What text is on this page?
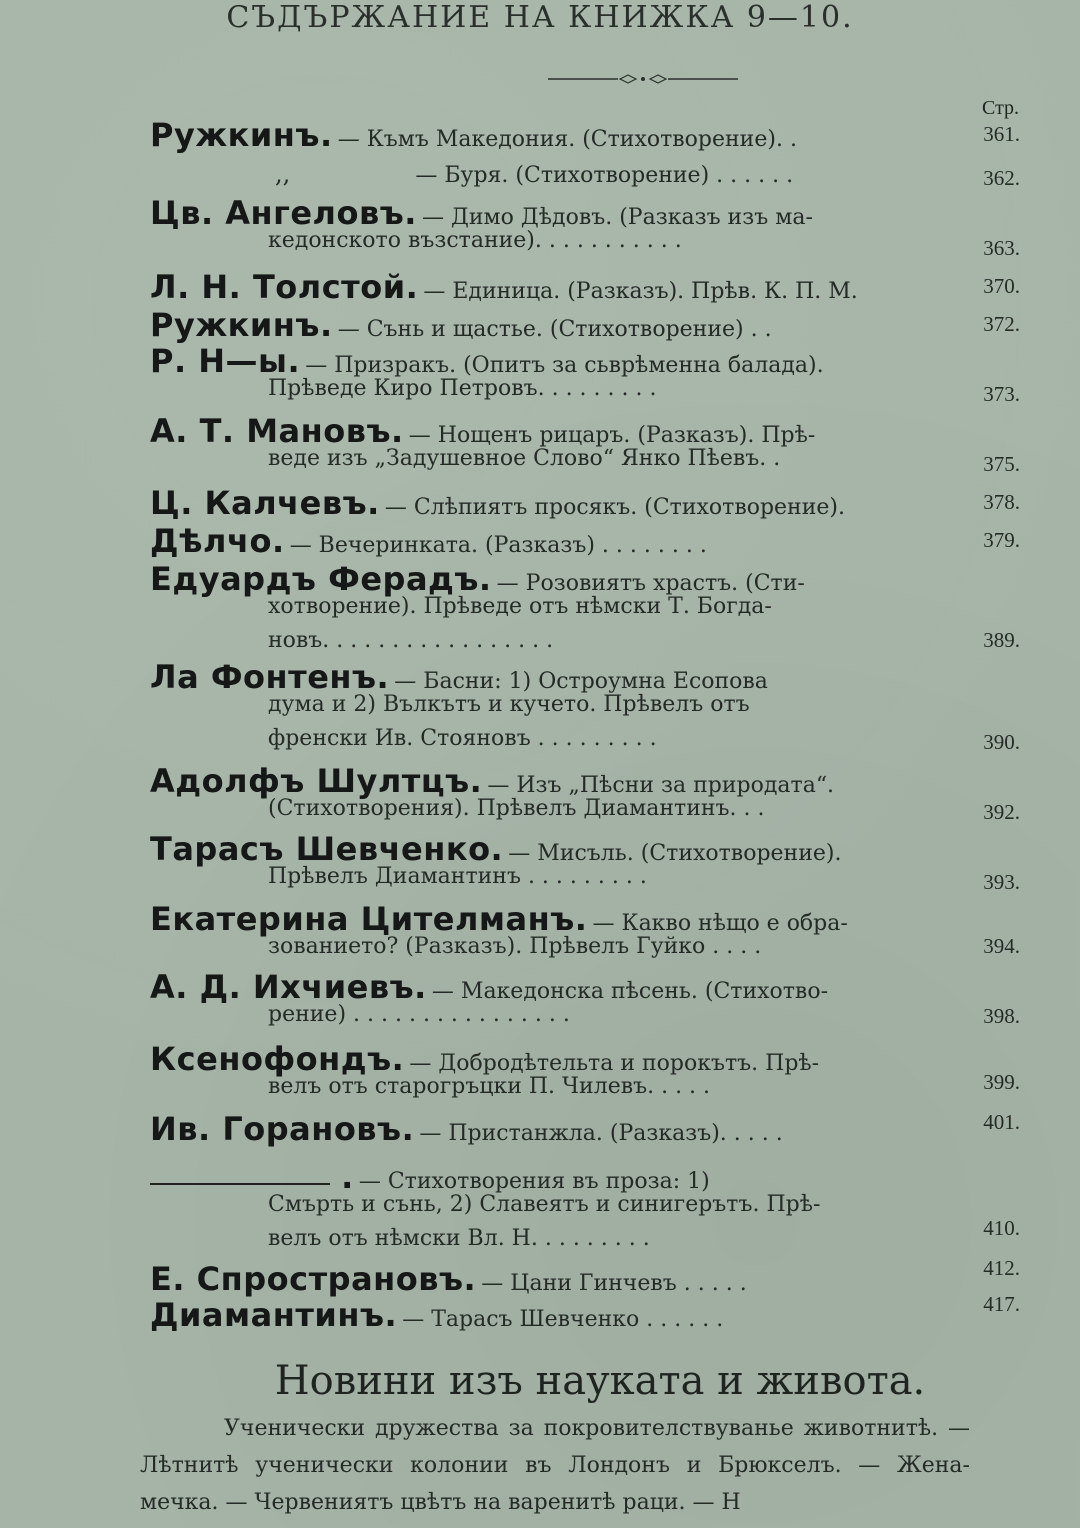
СЪДЪРЖАНИЕ НА КНИЖКА 9—10.
Стр.
Ружкинъ. — Къмъ Македония. (Стихотворение). .	361.
,,	— Буря. (Стихотворение) . . . . . .	362.
Цв. Ангеловъ. — Димо Дѣдовъ. (Разказъ изъ ма-
кедонското възстание). . . . . . . . . . .	363.
Л. Н. Толстой. — Единица. (Разказъ). Прѣв. К. П. М.	370.
Ружкинъ. — Сънь и щастье. (Стихотворение) . .	372.
Р. Н—ы. — Призракъ. (Опитъ за сьврѣменна балада).
Прѣведе Киро Петровъ. . . . . . . . .	373.
А. Т. Мановъ. — Нощенъ рицаръ. (Разказъ). Прѣ-
веде изъ „Задушевное Слово“ Янко Пѣевъ. .	375.
Ц. Калчевъ. — Слѣпиятъ просякъ. (Стихотворение).	378.
Дѣлчо. — Вечеринката. (Разказъ) . . . . . . . .	379.
Едуардъ Ферадъ. — Розовиятъ храстъ. (Сти-
хотворение). Прѣведе отъ нѣмски Т. Богда-
новъ. . . . . . . . . . . . . . . . .	389.
Ла Фонтенъ. — Басни: 1) Остроумна Есопова
дума и 2) Вълкътъ и кучето. Прѣвелъ отъ
френски Ив. Стояновъ . . . . . . . . .	390.
Адолфъ Шултцъ. — Изъ „Пѣсни за природата“.
(Стихотворения). Прѣвелъ Диамантинъ. . .	392.
Тарасъ Шевченко. — Мисъль. (Стихотворение).
Прѣвелъ Диамантинъ . . . . . . . . .	393.
Екатерина Цителманъ. — Какво нѣщо е обра-
зованието? (Разказъ). Прѣвелъ Гуйко . . . .	394.
А. Д. Ихчиевъ. — Македонска пѣсень. (Стихотво-
рение) . . . . . . . . . . . . . . . .	398.
Ксенофондъ. — Добродѣтельта и порокътъ. Прѣ-
велъ отъ старогръцки П. Чилевъ. . . . .	399.
Ив. Горановъ. — Пристанжла. (Разказъ). . . . .	401.
. — Стихотворения въ проза: 1)
Смърть и сънь, 2) Славеятъ и синигерътъ. Прѣ-
велъ отъ нѣмски Вл. Н. . . . . . . . .	410.
Е. Спространовъ. — Цани Гинчевъ . . . . .
412.
Диамантинъ. — Тарасъ Шевченко . . . . . .
417.
Новини изъ науката и живота.
Ученически дружества за покровителствуванье животнитѣ. — Лѣтнитѣ ученически колонии въ Лондонъ и Брюкселъ. — Жена-мечка. — Червениятъ цвѣтъ на варенитѣ раци. — Н
